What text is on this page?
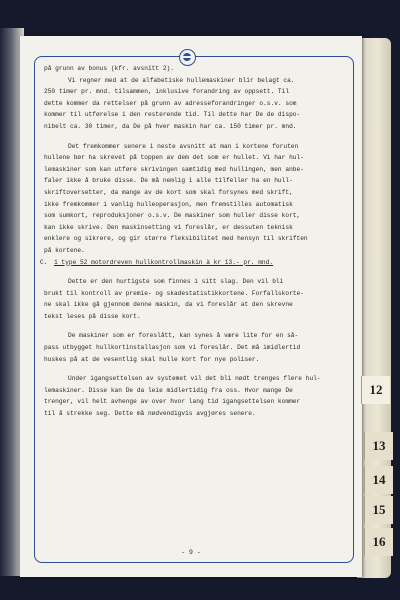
på grunn av bonus (kfr. avsnitt 2).
Vi regner med at de alfabetiske hullemaskiner blir belagt ca.
250 timer pr. mnd. tilsammen, inklusive forandring av oppsett. Til
dette kommer da rettelser på grunn av adresseforandringer o.s.v. som
kommer til utførelse i den resterende tid. Til dette har De de dispo-
nibelt ca. 30 timer, da De på hver maskin har ca. 150 timer pr. mnd.
Det fremkommer senere i neste avsnitt at man i kortene foruten
hullene bør ha skrevet på toppen av dem det som er hullet. Vi har hul-
lemaskiner som kan utføre skrivingen samtidig med hullingen, men anbe-
faler ikke å bruke disse. De må nemlig i alle tilfeller ha en hull-
skriftoversetter, da mange av de kort som skal forsynes med skrift,
ikke fremkommer i vanlig hulleoperasjon, men fremstilles automatisk
som sumkort, reproduksjoner o.s.v. De maskiner som huller disse kort,
kan ikke skrive. Den maskinsetting vi foreslår, er dessuten teknisk
enklere og sikrere, og gir større fleksibilitet med hensyn til skriften
på kortene.
C.	1 type 52 motordreven hullkontrollmaskin à kr 13.- pr. mnd.
Dette er den hurtigste som finnes i sitt slag. Den vil bli
brukt til kontroll av premie- og skadestatistikkortene. Forfallskorte-
ne skal ikke gå gjennom denne maskin, da vi foreslår at den skrevne
tekst leses på disse kort.
De maskiner som er foreslått, kan synes å være lite for en så-
pass utbygget hullkortinstallasjon som vi foreslår. Det må imidlertid
huskes på at de vesentlig skal hulle kort for nye poliser.
Under igangsettelsen av systemet vil det bli nødt trenges flere hul-
lemaskiner. Disse kan De da leie midlertidig fra oss. Hvor mange De
trenger, vil helt avhenge av over hvor lang tid igangsettelsen kommer
til å strekke seg. Dette må nødvendigvis avgjøres senere.
- 9 -
12
13
14
15
16
